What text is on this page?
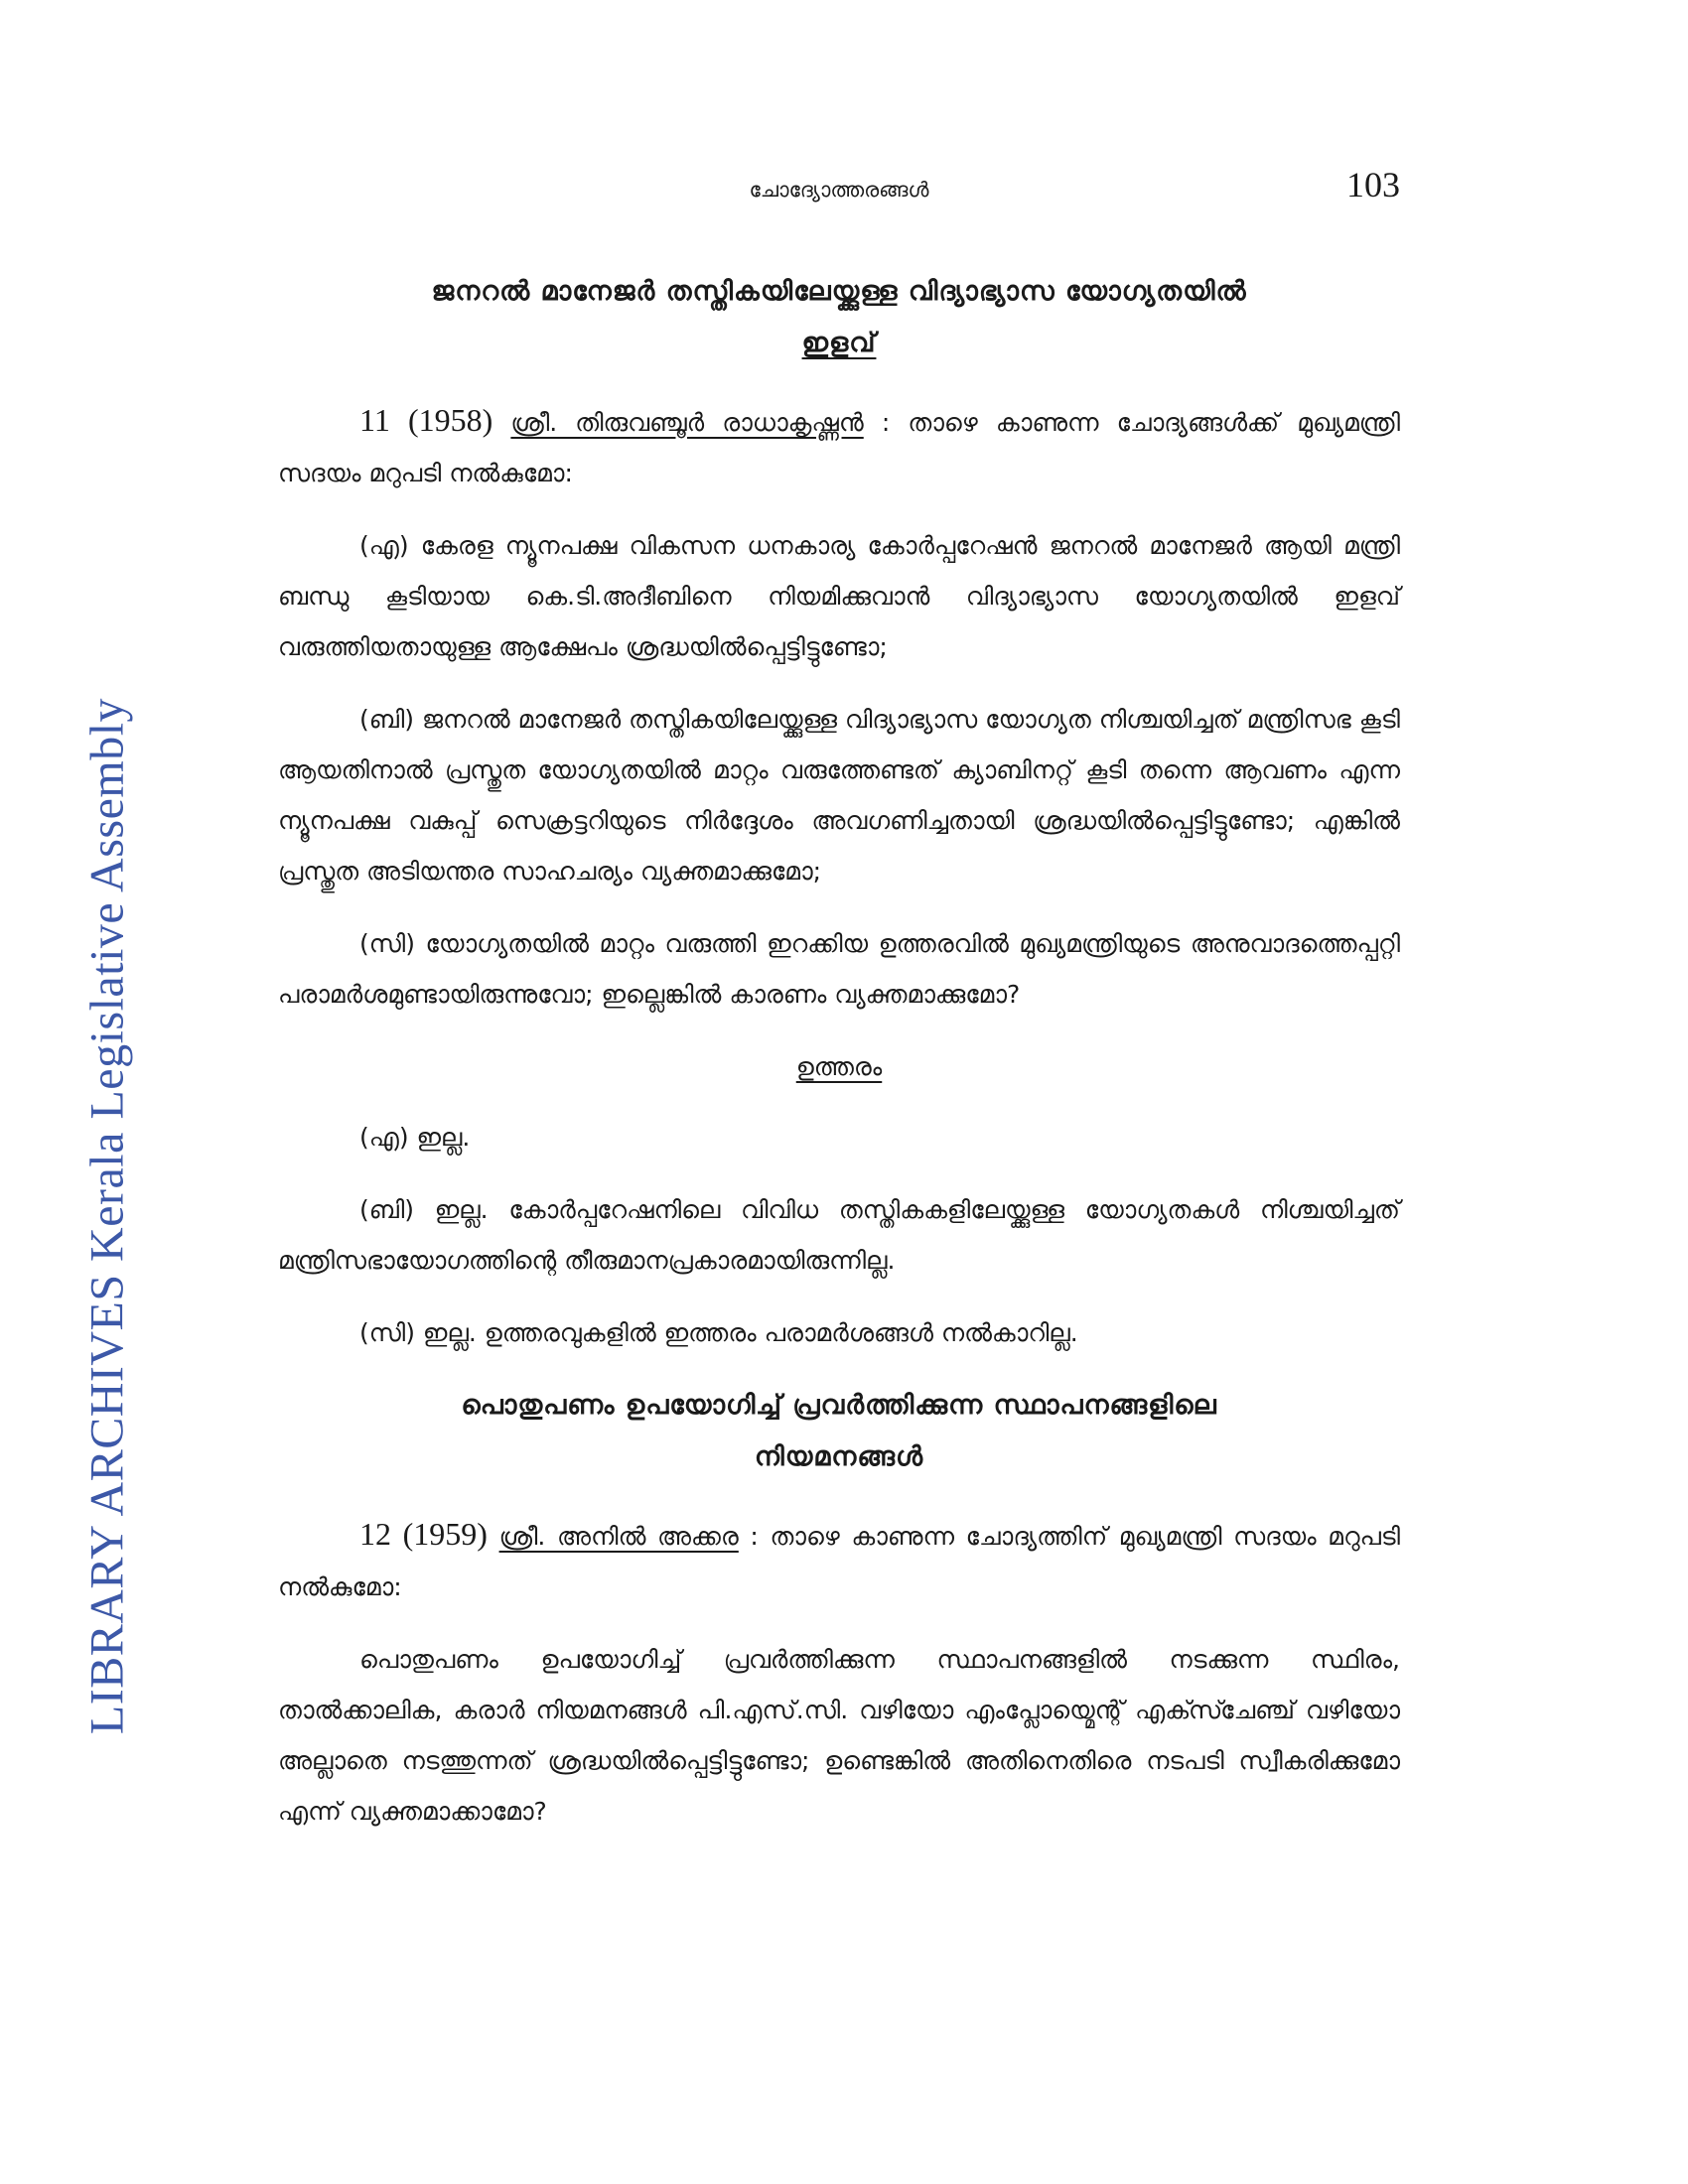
LIBRARY ARCHIVES Kerala Legislative Assembly
ചോദ്യോത്തരങ്ങൾ	103
ജനറൽ മാനേജർ തസ്തികയിലേയ്ക്കുള്ള വിദ്യാഭ്യാസ യോഗ്യതയിൽ
ഇളവ്
11 (1958) ശ്രീ. തിരുവഞ്ചൂർ രാധാകൃഷ്ണൻ : താഴെ കാണുന്ന ചോദ്യങ്ങൾക്ക് മുഖ്യമന്ത്രി സദയം മറുപടി നൽകുമോ:
(എ) കേരള ന്യൂനപക്ഷ വികസന ധനകാര്യ കോർപ്പറേഷൻ ജനറൽ മാനേജർ ആയി മന്ത്രി ബന്ധു കൂടിയായ കെ.ടി.അദീബിനെ നിയമിക്കുവാൻ വിദ്യാഭ്യാസ യോഗ്യതയിൽ ഇളവ് വരുത്തിയതായുള്ള ആക്ഷേപം ശ്രദ്ധയിൽപ്പെട്ടിട്ടുണ്ടോ;
(ബി) ജനറൽ മാനേജർ തസ്തികയിലേയ്ക്കുള്ള വിദ്യാഭ്യാസ യോഗ്യത നിശ്ചയിച്ചത് മന്ത്രിസഭ കൂടി ആയതിനാൽ പ്രസ്തുത യോഗ്യതയിൽ മാറ്റം വരുത്തേണ്ടത് ക്യാബിനറ്റ് കൂടി തന്നെ ആവണം എന്ന ന്യൂനപക്ഷ വകുപ്പ് സെക്രട്ടറിയുടെ നിർദ്ദേശം അവഗണിച്ചതായി ശ്രദ്ധയിൽപ്പെട്ടിട്ടുണ്ടോ; എങ്കിൽ പ്രസ്തുത അടിയന്തര സാഹചര്യം വ്യക്തമാക്കുമോ;
(സി) യോഗ്യതയിൽ മാറ്റം വരുത്തി ഇറക്കിയ ഉത്തരവിൽ മുഖ്യമന്ത്രിയുടെ അനുവാദത്തെപ്പറ്റി പരാമർശമുണ്ടായിരുന്നുവോ; ഇല്ലെങ്കിൽ കാരണം വ്യക്തമാക്കുമോ?
ഉത്തരം
(എ) ഇല്ല.
(ബി) ഇല്ല. കോർപ്പറേഷനിലെ വിവിധ തസ്തികകളിലേയ്ക്കുള്ള യോഗ്യതകൾ നിശ്ചയിച്ചത് മന്ത്രിസഭായോഗത്തിന്റെ തീരുമാനപ്രകാരമായിരുന്നില്ല.
(സി) ഇല്ല. ഉത്തരവുകളിൽ ഇത്തരം പരാമർശങ്ങൾ നൽകാറില്ല.
പൊതുപണം ഉപയോഗിച്ച് പ്രവർത്തിക്കുന്ന സ്ഥാപനങ്ങളിലെ
നിയമനങ്ങൾ
12 (1959) ശ്രീ. അനിൽ അക്കര : താഴെ കാണുന്ന ചോദ്യത്തിന് മുഖ്യമന്ത്രി സദയം മറുപടി നൽകുമോ:
പൊതുപണം ഉപയോഗിച്ച് പ്രവർത്തിക്കുന്ന സ്ഥാപനങ്ങളിൽ നടക്കുന്ന സ്ഥിരം, താൽക്കാലിക, കരാർ നിയമനങ്ങൾ പി.എസ്.സി. വഴിയോ എംപ്ലോയ്മെന്റ് എക്സ്ചേഞ്ച് വഴിയോ അല്ലാതെ നടത്തുന്നത് ശ്രദ്ധയിൽപ്പെട്ടിട്ടുണ്ടോ; ഉണ്ടെങ്കിൽ അതിനെതിരെ നടപടി സ്വീകരിക്കുമോ എന്ന് വ്യക്തമാക്കാമോ?
